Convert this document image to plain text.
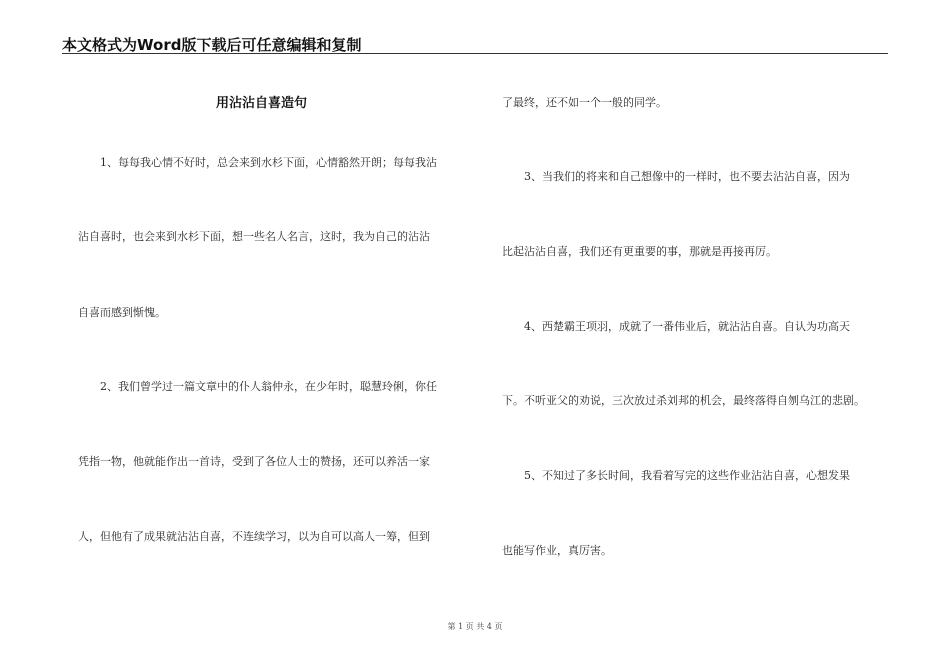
本文格式为Word版下载后可任意编辑和复制
用沾沾自喜造句
1、每每我心情不好时，总会来到水杉下面，心情豁然开朗；每每我沾
沾自喜时，也会来到水杉下面，想一些名人名言，这时，我为自己的沾沾
自喜而感到惭愧。
2、我们曾学过一篇文章中的仆人翁仲永，在少年时，聪慧玲俐，你任
凭指一物，他就能作出一首诗，受到了各位人士的赞扬，还可以养活一家
人，但他有了成果就沾沾自喜，不连续学习，以为自可以高人一筹，但到
了最终，还不如一个一般的同学。
3、当我们的将来和自己想像中的一样时，也不要去沾沾自喜，因为
比起沾沾自喜，我们还有更重要的事，那就是再接再厉。
4、西楚霸王项羽，成就了一番伟业后，就沾沾自喜。自认为功高天
下。不听亚父的劝说，三次放过杀刘邦的机会，最终落得自刎乌江的悲剧。
5、不知过了多长时间，我看着写完的这些作业沾沾自喜，心想发果
也能写作业，真厉害。
第 1 页 共 4 页
